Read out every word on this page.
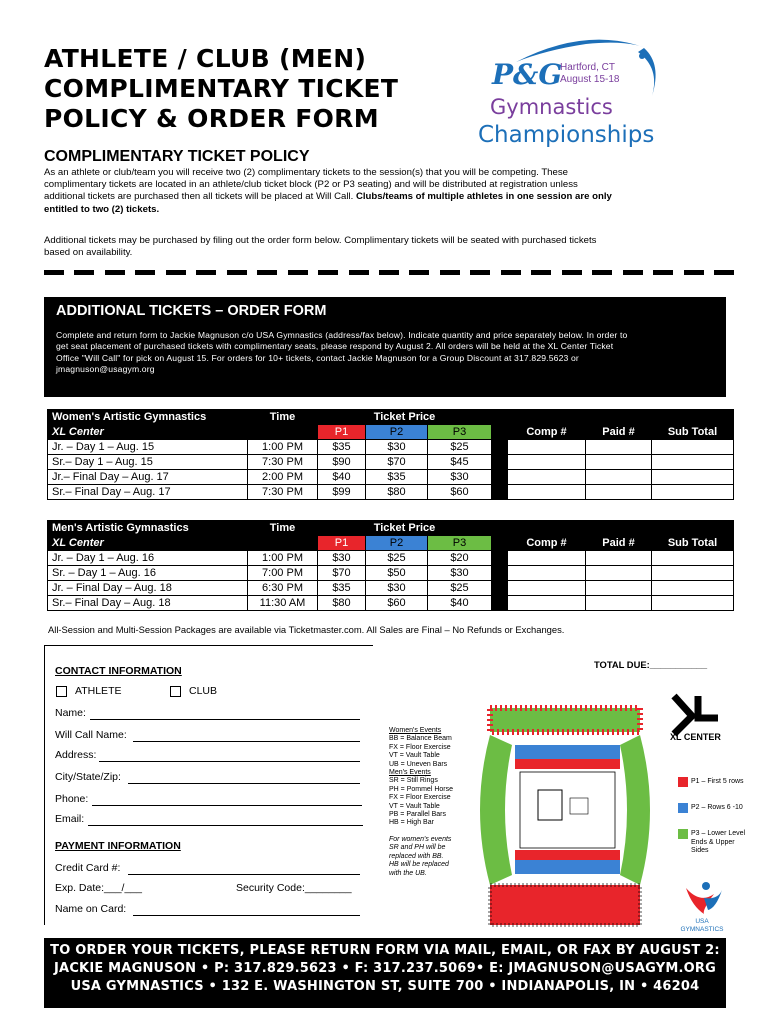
ATHLETE / CLUB (MEN)
COMPLIMENTARY TICKET
POLICY & ORDER FORM
P&G
Hartford, CT
August 15-18
Gymnastics
Championships
COMPLIMENTARY TICKET POLICY
As an athlete or club/team you will receive two (2) complimentary tickets to the session(s) that you will be competing. These
complimentary tickets are located in an athlete/club ticket block (P2 or P3 seating) and will be distributed at registration unless
additional tickets are purchased then all tickets will be placed at Will Call. Clubs/teams of multiple athletes in one session are only
entitled to two (2) tickets.
Additional tickets may be purchased by filing out the order form below. Complimentary tickets will be seated with purchased tickets
based on availability.
ADDITIONAL TICKETS – ORDER FORM

Complete and return form to Jackie Magnuson c/o USA Gymnastics (address/fax below). Indicate quantity and price separately below. In order to
get seat placement of purchased tickets with complimentary seats, please respond by August 2. All orders will be held at the XL Center Ticket
Office "Will Call" for pick on August 15. For orders for 10+ tickets, contact Jackie Magnuson for a Group Discount at 317.829.5623 or
jmagnuson@usagym.org

Women's Artistic Gymnastics	Time	Ticket Price				Comp #	Paid #	Sub Total
XL Center		P1	P2	P3				
Jr. – Day 1 – Aug. 15	1:00 PM	$35	$30	$25				
Sr.– Day 1 – Aug. 15	7:30 PM	$90	$70	$45				
Jr.– Final Day – Aug. 17	2:00 PM	$40	$35	$30				
Sr.– Final Day – Aug. 17	7:30 PM	$99	$80	$60				
Men's Artistic Gymnastics	Time	Ticket Price				Comp #	Paid #	Sub Total
XL Center		P1	P2	P3				
Jr. – Day 1 – Aug. 16	1:00 PM	$30	$25	$20				
Sr. – Day 1 – Aug. 16	7:00 PM	$70	$50	$30				
Jr. – Final Day – Aug. 18	6:30 PM	$35	$30	$25				
Sr.– Final Day – Aug. 18	11:30 AM	$80	$60	$40				
All-Session and Multi-Session Packages are available via Ticketmaster.com. All Sales are Final – No Refunds or Exchanges.
CONTACT INFORMATION
ATHLETE	CLUB
Name:
Will Call Name:
Address:
City/State/Zip:
Phone:
Email:
PAYMENT INFORMATION
Credit Card #:
Exp. Date:___/___	Security Code:________
Name on Card:
Women's Events
BB = Balance Beam
FX = Floor Exercise
VT = Vault Table
UB = Uneven Bars
Men's Events
SR = Still Rings
PH = Pommel Horse
FX = Floor Exercise
VT = Vault Table
PB = Parallel Bars
HB = High Bar
For women's events
SR and PH will be
replaced with BB.
HB will be replaced
with the UB.
TOTAL DUE:___________
XL CENTER
P1 – First 5 rows
P2 – Rows 6 -10
P3 – Lower Level
Ends & Upper
Sides
USA
GYMNASTICS
TO ORDER YOUR TICKETS, PLEASE RETURN FORM VIA MAIL, EMAIL, OR FAX BY AUGUST 2:
JACKIE MAGNUSON • P: 317.829.5623 • F: 317.237.5069• E: JMAGNUSON@USAGYM.ORG
USA GYMNASTICS • 132 E. WASHINGTON ST, SUITE 700 • INDIANAPOLIS, IN • 46204
